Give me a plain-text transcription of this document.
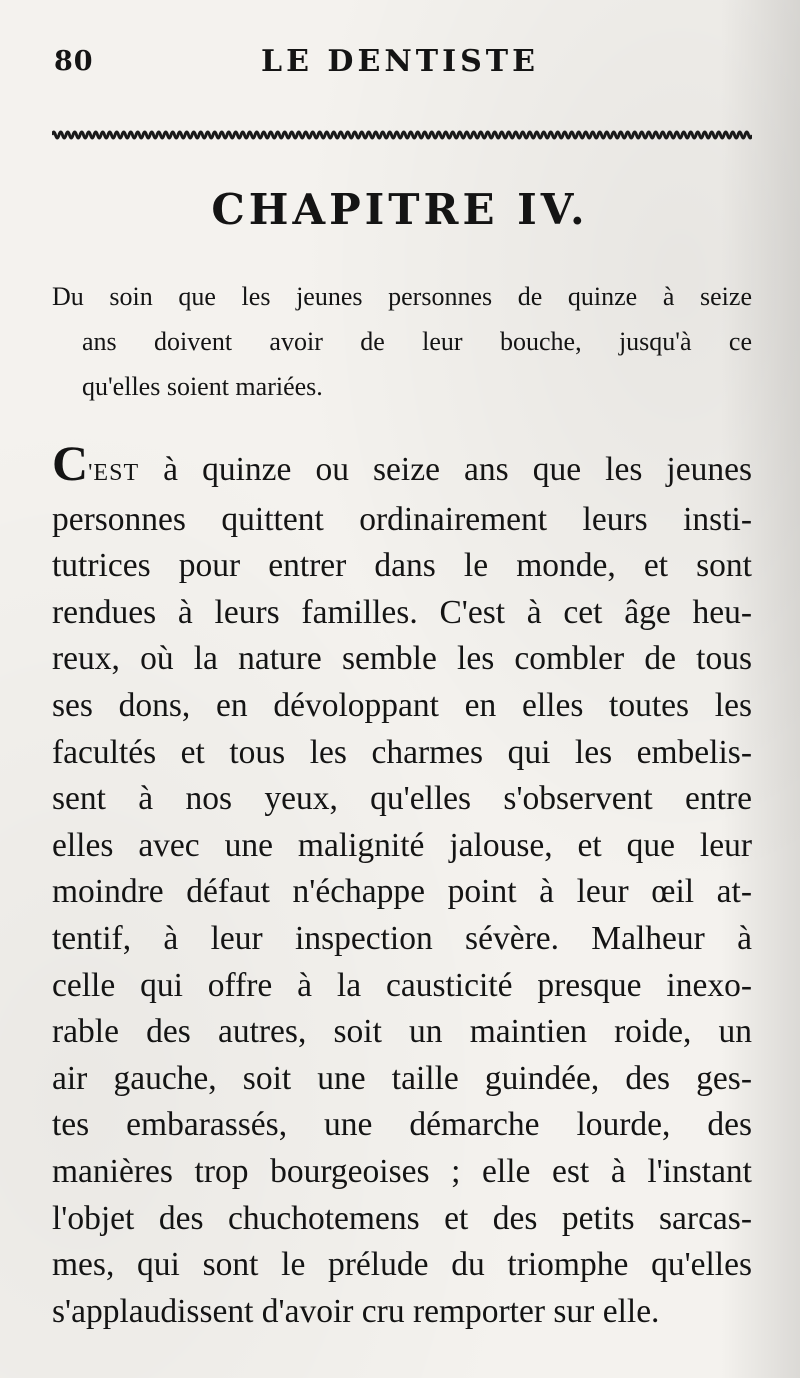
80	LE DENTISTE
CHAPITRE IV.
Du soin que les jeunes personnes de quinze à seize
ans doivent avoir de leur bouche, jusqu'à ce
qu'elles soient mariées.
C'EST à quinze ou seize ans que les jeunes
personnes quittent ordinairement leurs insti-
tutrices pour entrer dans le monde, et sont
rendues à leurs familles. C'est à cet âge heu-
reux, où la nature semble les combler de tous
ses dons, en dévoloppant en elles toutes les
facultés et tous les charmes qui les embelis-
sent à nos yeux, qu'elles s'observent entre
elles avec une malignité jalouse, et que leur
moindre défaut n'échappe point à leur œil at-
tentif, à leur inspection sévère. Malheur à
celle qui offre à la causticité presque inexo-
rable des autres, soit un maintien roide, un
air gauche, soit une taille guindée, des ges-
tes embarassés, une démarche lourde, des
manières trop bourgeoises ; elle est à l'instant
l'objet des chuchotemens et des petits sarcas-
mes, qui sont le prélude du triomphe qu'elles
s'applaudissent d'avoir cru remporter sur elle.
